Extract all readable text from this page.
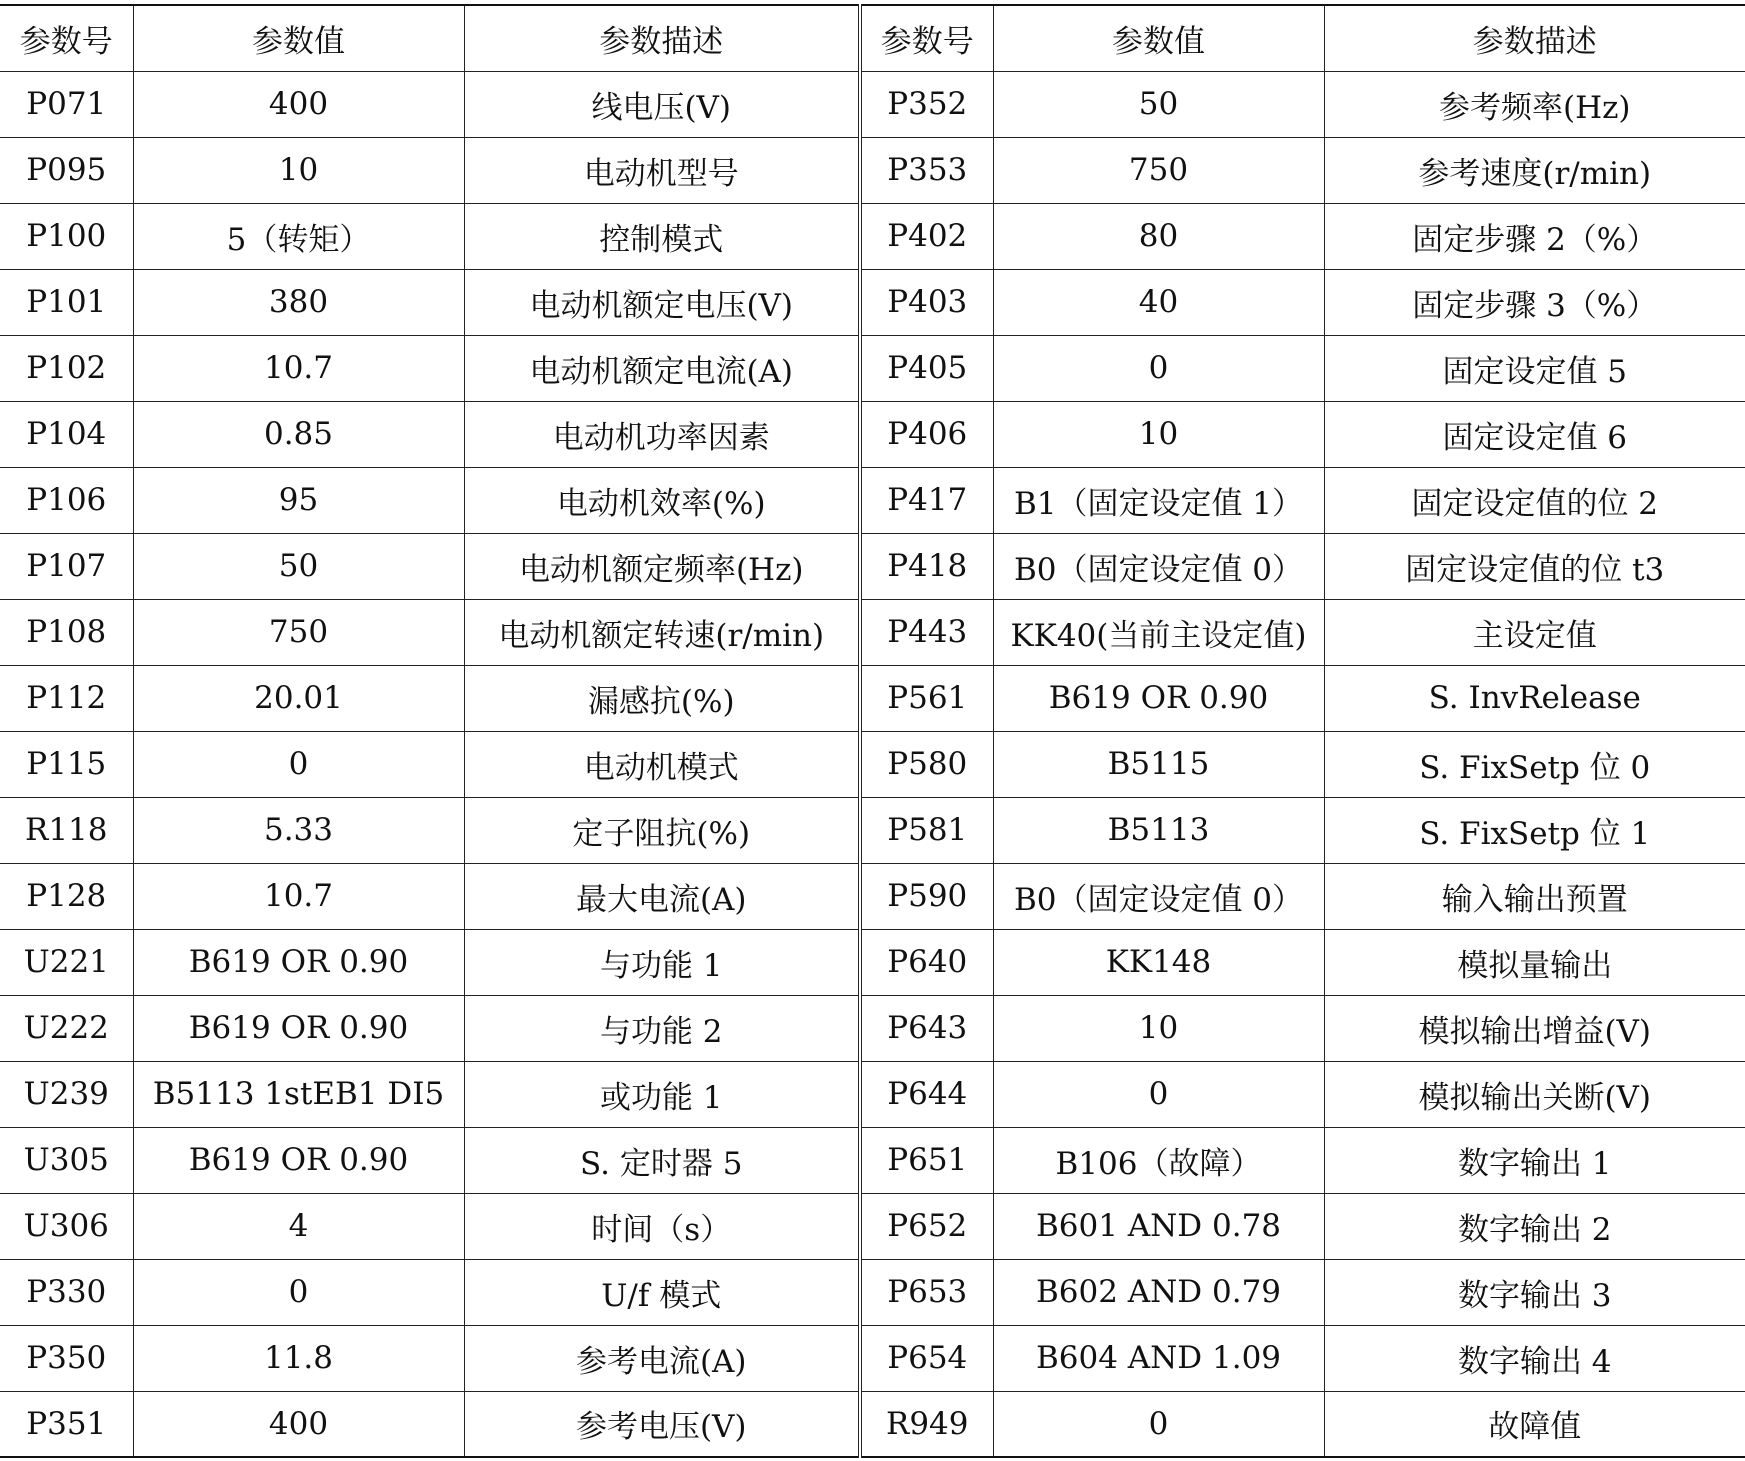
参数号	参数值	参数描述	参数号	参数值	参数描述
P071	400	线电压(V)	P352	50	参考频率(Hz)
P095	10	电动机型号	P353	750	参考速度(r/min)
P100	5（转矩）	控制模式	P402	80	固定步骤 2（%）
P101	380	电动机额定电压(V)	P403	40	固定步骤 3（%）
P102	10.7	电动机额定电流(A)	P405	0	固定设定值 5
P104	0.85	电动机功率因素	P406	10	固定设定值 6
P106	95	电动机效率(%)	P417	B1（固定设定值 1）	固定设定值的位 2
P107	50	电动机额定频率(Hz)	P418	B0（固定设定值 0）	固定设定值的位 t3
P108	750	电动机额定转速(r/min)	P443	KK40(当前主设定值)	主设定值
P112	20.01	漏感抗(%)	P561	B619 OR 0.90	S. InvRelease
P115	0	电动机模式	P580	B5115	S. FixSetp 位 0
R118	5.33	定子阻抗(%)	P581	B5113	S. FixSetp 位 1
P128	10.7	最大电流(A)	P590	B0（固定设定值 0）	输入输出预置
U221	B619 OR 0.90	与功能 1	P640	KK148	模拟量输出
U222	B619 OR 0.90	与功能 2	P643	10	模拟输出增益(V)
U239	B5113 1stEB1 DI5	或功能 1	P644	0	模拟输出关断(V)
U305	B619 OR 0.90	S. 定时器 5	P651	B106（故障）	数字输出 1
U306	4	时间（s）	P652	B601 AND 0.78	数字输出 2
P330	0	U/f 模式	P653	B602 AND 0.79	数字输出 3
P350	11.8	参考电流(A)	P654	B604 AND 1.09	数字输出 4
P351	400	参考电压(V)	R949	0	故障值
